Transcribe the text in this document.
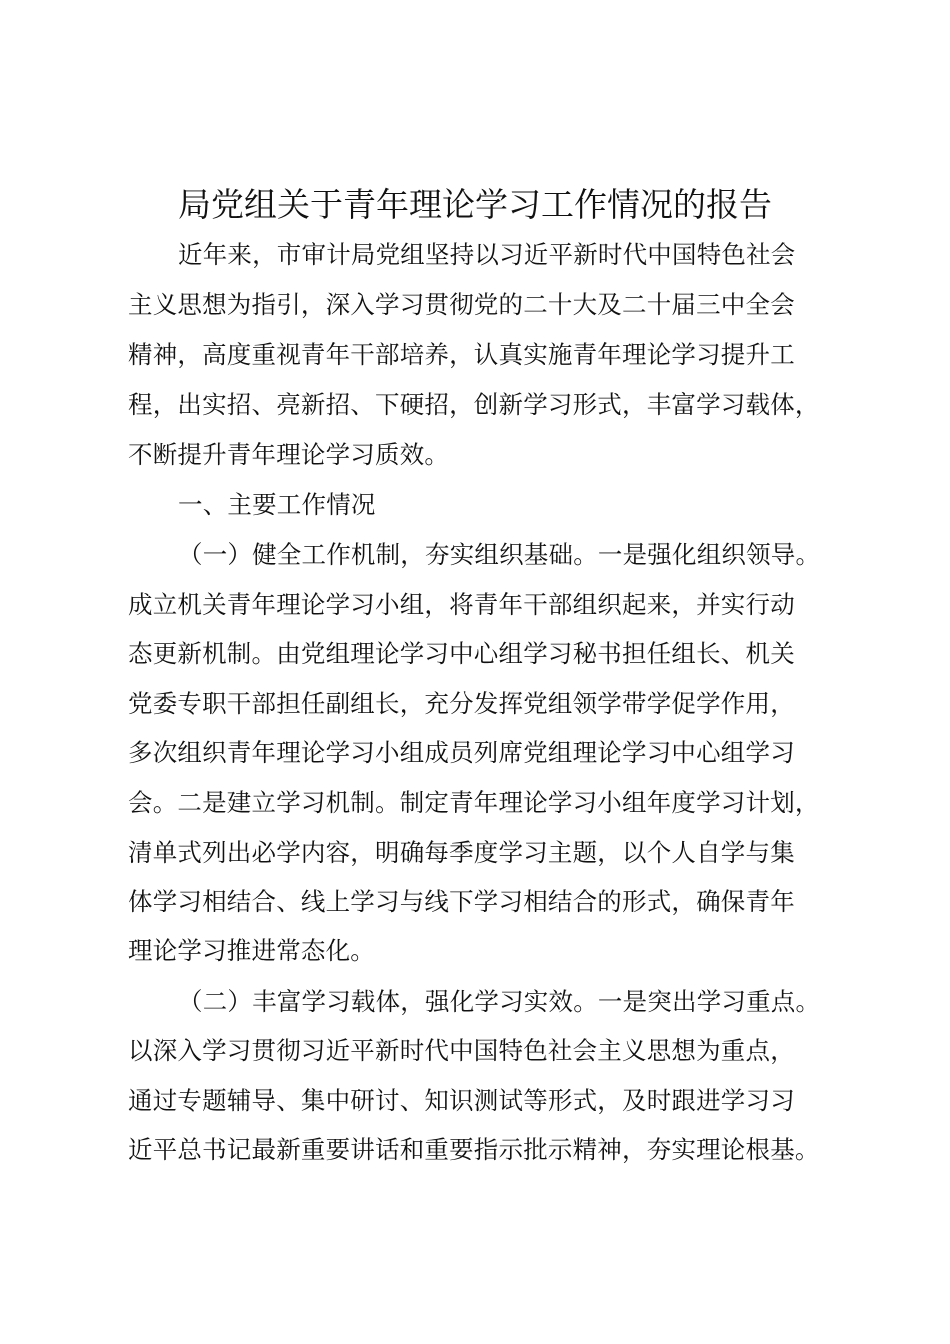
局党组关于青年理论学习工作情况的报告
近年来，市审计局党组坚持以习近平新时代中国特色社会
主义思想为指引，深入学习贯彻党的二十大及二十届三中全会
精神，高度重视青年干部培养，认真实施青年理论学习提升工
程，出实招、亮新招、下硬招，创新学习形式，丰富学习载体，
不断提升青年理论学习质效。
一、主要工作情况
（一）健全工作机制，夯实组织基础。一是强化组织领导。
成立机关青年理论学习小组，将青年干部组织起来，并实行动
态更新机制。由党组理论学习中心组学习秘书担任组长、机关
党委专职干部担任副组长，充分发挥党组领学带学促学作用，
多次组织青年理论学习小组成员列席党组理论学习中心组学习
会。二是建立学习机制。制定青年理论学习小组年度学习计划，
清单式列出必学内容，明确每季度学习主题，以个人自学与集
体学习相结合、线上学习与线下学习相结合的形式，确保青年
理论学习推进常态化。
（二）丰富学习载体，强化学习实效。一是突出学习重点。
以深入学习贯彻习近平新时代中国特色社会主义思想为重点，
通过专题辅导、集中研讨、知识测试等形式，及时跟进学习习
近平总书记最新重要讲话和重要指示批示精神，夯实理论根基。
